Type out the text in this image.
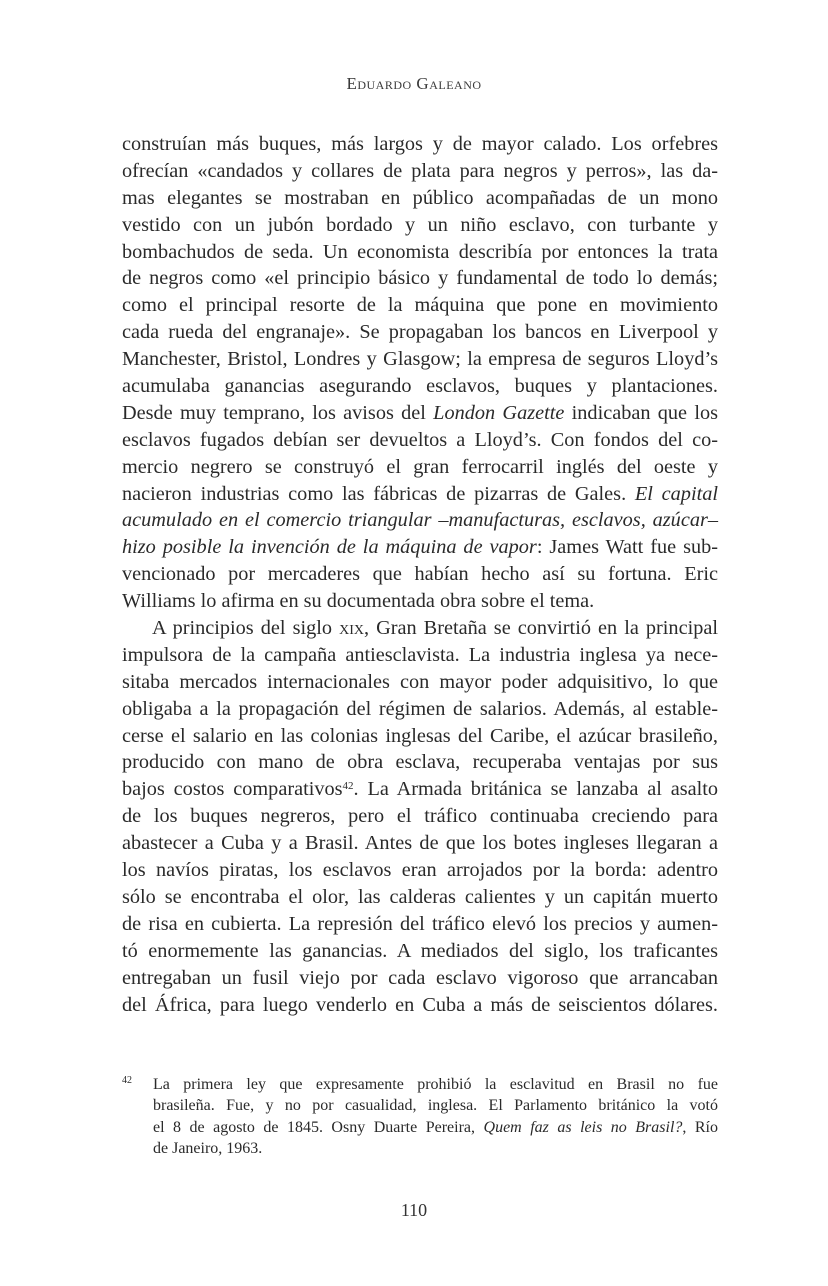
Eduardo Galeano
construían más buques, más largos y de mayor calado. Los orfebres
ofrecían «candados y collares de plata para negros y perros», las da-
mas elegantes se mostraban en público acompañadas de un mono
vestido con un jubón bordado y un niño esclavo, con turbante y
bombachudos de seda. Un economista describía por entonces la trata
de negros como «el principio básico y fundamental de todo lo demás;
como el principal resorte de la máquina que pone en movimiento
cada rueda del engranaje». Se propagaban los bancos en Liverpool y
Manchester, Bristol, Londres y Glasgow; la empresa de seguros Lloyd’s
acumulaba ganancias asegurando esclavos, buques y plantaciones.
Desde muy temprano, los avisos del London Gazette indicaban que los
esclavos fugados debían ser devueltos a Lloyd’s. Con fondos del co-
mercio negrero se construyó el gran ferrocarril inglés del oeste y
nacieron industrias como las fábricas de pizarras de Gales. El capital
acumulado en el comercio triangular –manufacturas, esclavos, azúcar–
hizo posible la invención de la máquina de vapor: James Watt fue sub-
vencionado por mercaderes que habían hecho así su fortuna. Eric
Williams lo afirma en su documentada obra sobre el tema.
A principios del siglo xix, Gran Bretaña se convirtió en la principal
impulsora de la campaña antiesclavista. La industria inglesa ya nece-
sitaba mercados internacionales con mayor poder adquisitivo, lo que
obligaba a la propagación del régimen de salarios. Además, al estable-
cerse el salario en las colonias inglesas del Caribe, el azúcar brasileño,
producido con mano de obra esclava, recuperaba ventajas por sus
bajos costos comparativos$^{42}$. La Armada británica se lanzaba al asalto
de los buques negreros, pero el tráfico continuaba creciendo para
abastecer a Cuba y a Brasil. Antes de que los botes ingleses llegaran a
los navíos piratas, los esclavos eran arrojados por la borda: adentro
sólo se encontraba el olor, las calderas calientes y un capitán muerto
de risa en cubierta. La represión del tráfico elevó los precios y aumen-
tó enormemente las ganancias. A mediados del siglo, los traficantes
entregaban un fusil viejo por cada esclavo vigoroso que arrancaban
del África, para luego venderlo en Cuba a más de seiscientos dólares.
42 La primera ley que expresamente prohibió la esclavitud en Brasil no fue
brasileña. Fue, y no por casualidad, inglesa. El Parlamento británico la votó
el 8 de agosto de 1845. Osny Duarte Pereira, Quem faz as leis no Brasil?, Río
de Janeiro, 1963.
110
